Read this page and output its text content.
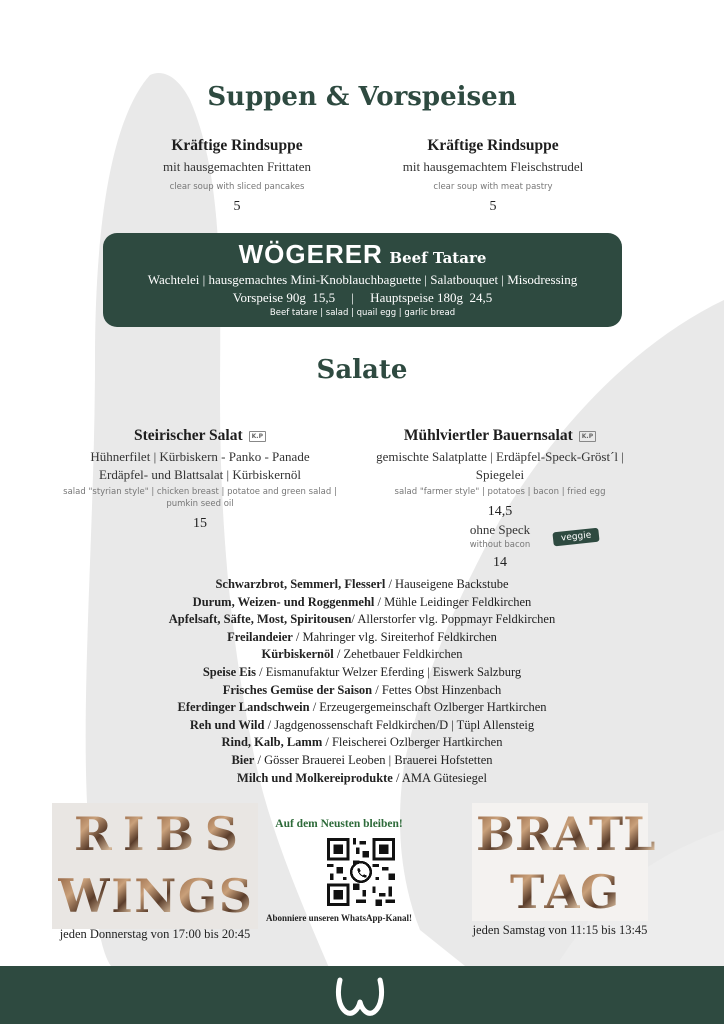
Suppen & Vorspeisen
Kräftige Rindsuppe
mit hausgemachten Frittaten
clear soup with sliced pancakes
5
Kräftige Rindsuppe
mit hausgemachtem Fleischstrudel
clear soup with meat pastry
5
WÖGERER Beef Tatare
Wachtelei | hausgemachtes Mini-Knoblauchbaguette | Salatbouquet | Misodressing
Vorspeise 90g  15,5     |     Hauptspeise 180g  24,5
Beef tatare | salad | quail egg | garlic bread
Salate
Steirischer Salat K.P
Hühnerfilet | Kürbiskern - Panko - Panade
Erdäpfel- und Blattsalat | Kürbiskernöl
salad "styrian style" | chicken breast | potatoe and green salad | pumkin seed oil
15
Mühlviertler Bauernsalat K.P
gemischte Salatplatte | Erdäpfel-Speck-Gröst´l |
Spiegelei
salad "farmer style" | potatoes | bacon | fried egg
14,5
ohne Speck
without bacon
14
veggie
Schwarzbrot, Semmerl, Flesserl / Hauseigene Backstube
Durum, Weizen- und Roggenmehl / Mühle Leidinger Feldkirchen
Apfelsaft, Säfte, Most, Spiritousen/ Allerstorfer vlg. Poppmayr Feldkirchen
Freilandeier / Mahringer vlg. Sireiterhof Feldkirchen
Kürbiskernöl / Zehetbauer Feldkirchen
Speise Eis / Eismanufaktur Welzer Eferding | Eiswerk Salzburg
Frisches Gemüse der Saison / Fettes Obst Hinzenbach
Eferdinger Landschwein / Erzeugergemeinschaft Ozlberger Hartkirchen
Reh und Wild / Jagdgenossenschaft Feldkirchen/D | Tüpl Allensteig
Rind, Kalb, Lamm / Fleischerei Ozlberger Hartkirchen
Bier / Gösser Brauerei Leoben | Brauerei Hofstetten
Milch und Molkereiprodukte / AMA Gütesiegel
R I B S
W I N G S
jeden Donnerstag von 17:00 bis 20:45
Auf dem Neusten bleiben!
Abonniere unseren WhatsApp-Kanal!
B R A T L
T A G
jeden Samstag von 11:15 bis 13:45
